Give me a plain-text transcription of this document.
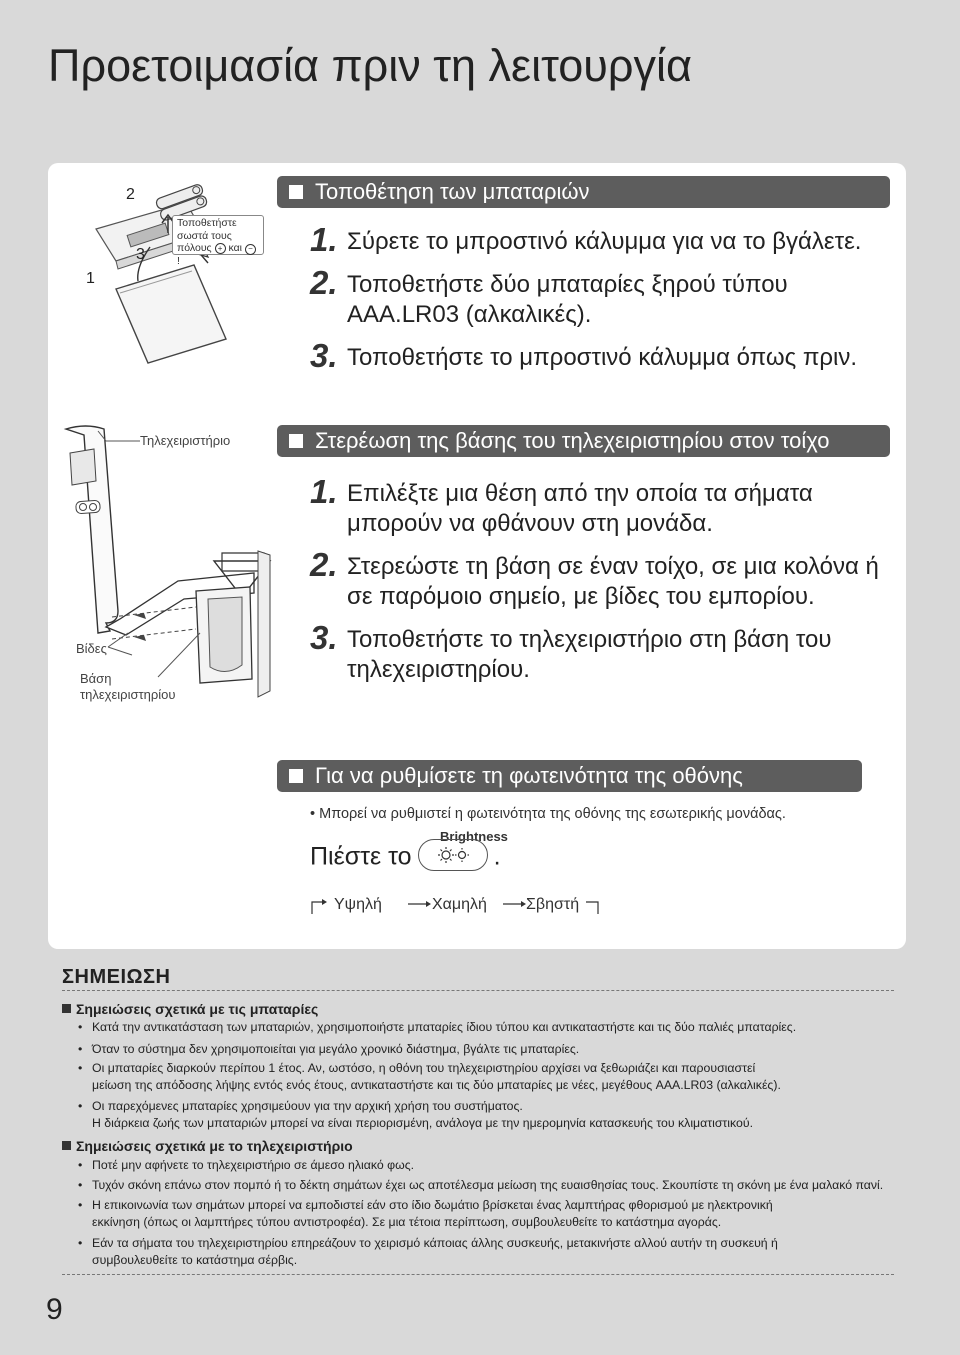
Προετοιμασία πριν τη λειτουργία
1
2
3
Τοποθετήστε
σωστά τους
πόλους + και − !
Τοποθέτηση των μπαταριών
1. Σύρετε το μπροστινό κάλυμμα για να το βγάλετε.
2. Τοποθετήστε δύο μπαταρίες ξηρού τύπου AAA.LR03 (αλκαλικές).
3. Τοποθετήστε το μπροστινό κάλυμμα όπως πριν.
Τηλεχειριστήριο
Βίδες
Βάση
τηλεχειριστηρίου
Στερέωση της βάσης του τηλεχειριστηρίου στον τοίχο
1. Επιλέξτε μια θέση από την οποία τα σήματα μπορούν να φθάνουν στη μονάδα.
2. Στερεώστε τη βάση σε έναν τοίχο, σε μια κολόνα ή σε παρόμοιο σημείο, με βίδες του εμπορίου.
3. Τοποθετήστε το τηλεχειριστήριο στη βάση του τηλεχειριστηρίου.
Για να ρυθμίσετε τη φωτεινότητα της οθόνης
• Μπορεί να ρυθμιστεί η φωτεινότητα της οθόνης της εσωτερικής μονάδας.
Brightness
Πιέστε το	.
Υψηλή	Χαμηλή Σβηστή
ΣΗΜΕΙΩΣΗ
Σημειώσεις σχετικά με τις μπαταρίες
• Κατά την αντικατάσταση των μπαταριών, χρησιμοποιήστε μπαταρίες ίδιου τύπου και αντικαταστήστε και τις δύο παλιές μπαταρίες.
• Όταν το σύστημα δεν χρησιμοποιείται για μεγάλο χρονικό διάστημα, βγάλτε τις μπαταρίες.
• Οι μπαταρίες διαρκούν περίπου 1 έτος. Αν, ωστόσο, η οθόνη του τηλεχειριστηρίου αρχίσει να ξεθωριάζει και παρουσιαστεί
μείωση της απόδοσης λήψης εντός ενός έτους, αντικαταστήστε και τις δύο μπαταρίες με νέες, μεγέθους AAA.LR03 (αλκαλικές).
• Οι παρεχόμενες μπαταρίες χρησιμεύουν για την αρχική χρήση του συστήματος.
Η διάρκεια ζωής των μπαταριών μπορεί να είναι περιορισμένη, ανάλογα με την ημερομηνία κατασκευής του κλιματιστικού.
Σημειώσεις σχετικά με το τηλεχειριστήριο
• Ποτέ μην αφήνετε το τηλεχειριστήριο σε άμεσο ηλιακό φως.
• Τυχόν σκόνη επάνω στον πομπό ή το δέκτη σημάτων έχει ως αποτέλεσμα μείωση της ευαισθησίας τους. Σκουπίστε τη σκόνη με ένα μαλακό πανί.
• Η επικοινωνία των σημάτων μπορεί να εμποδιστεί εάν στο ίδιο δωμάτιο βρίσκεται ένας λαμπτήρας φθορισμού με ηλεκτρονική
εκκίνηση (όπως οι λαμπτήρες τύπου αντιστροφέα). Σε μια τέτοια περίπτωση, συμβουλευθείτε το κατάστημα αγοράς.
• Εάν τα σήματα του τηλεχειριστηρίου επηρεάζουν το χειρισμό κάποιας άλλης συσκευής, μετακινήστε αλλού αυτήν τη συσκευή ή
συμβουλευθείτε το κατάστημα σέρβις.
9
